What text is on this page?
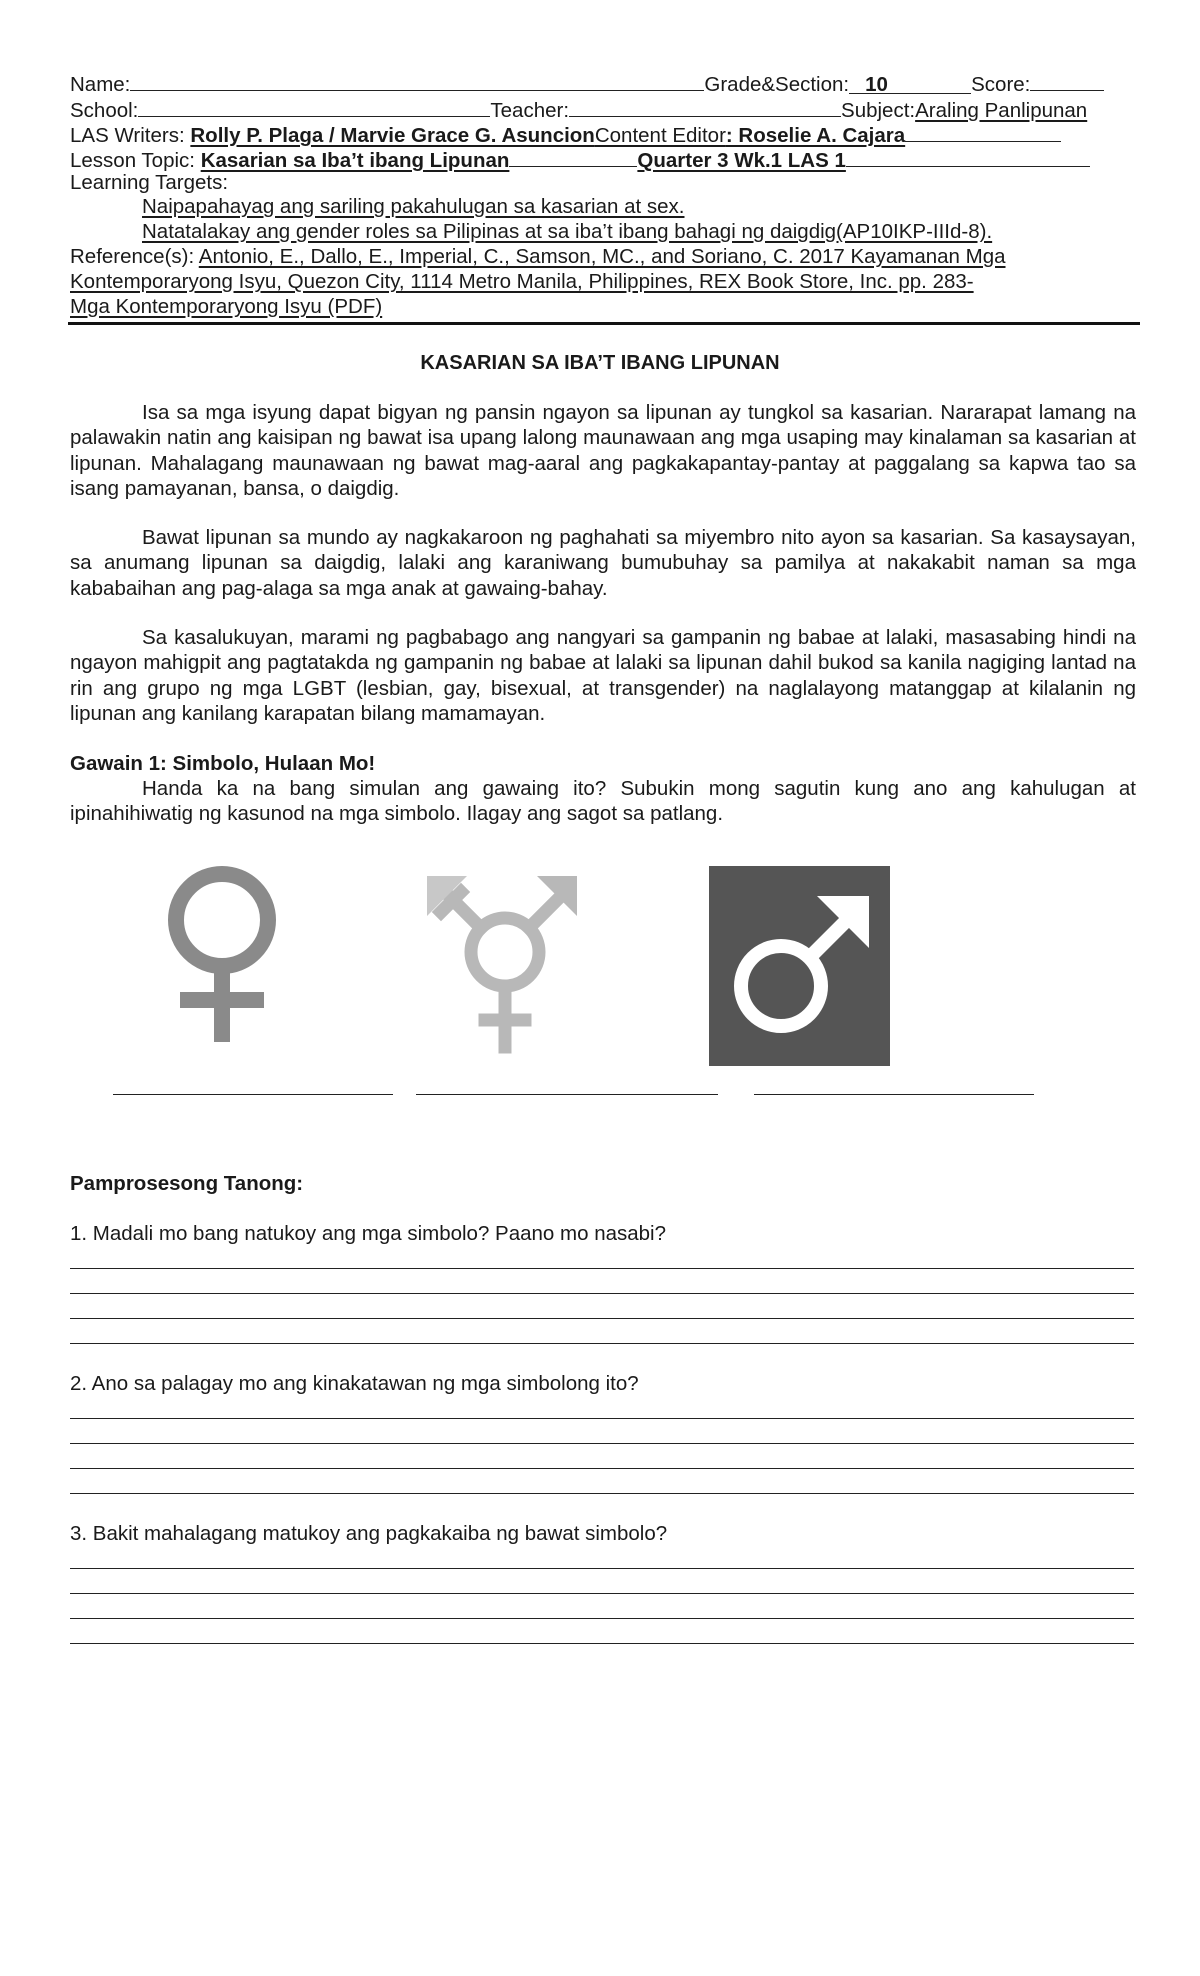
Name:	Grade&Section: 10	Score:
School:	Teacher:	Subject:Araling Panlipunan
LAS Writers: Rolly P. Plaga / Marvie Grace G. AsuncionContent Editor: Roselie A. Cajara
Lesson Topic: Kasarian sa Iba’t ibang Lipunan	Quarter 3 Wk.1 LAS 1
Learning Targets:
Naipapahayag ang sariling pakahulugan sa kasarian at sex.
Natatalakay ang gender roles sa Pilipinas at sa iba’t ibang bahagi ng daigdig(AP10IKP-IIId-8).
Reference(s): Antonio, E., Dallo, E., Imperial, C., Samson, MC., and Soriano, C. 2017 Kayamanan Mga
Kontemporaryong Isyu, Quezon City, 1114 Metro Manila, Philippines, REX Book Store, Inc. pp. 283-
Mga Kontemporaryong Isyu (PDF)
KASARIAN SA IBA’T IBANG LIPUNAN

Isa sa mga isyung dapat bigyan ng pansin ngayon sa lipunan ay tungkol sa kasarian. Nararapat lamang na palawakin natin ang kaisipan ng bawat isa upang lalong maunawaan ang mga usaping may kinalaman sa kasarian at lipunan. Mahalagang maunawaan ng bawat mag-aaral ang pagkakapantay-pantay at paggalang sa kapwa tao sa isang pamayanan, bansa, o daigdig.

Bawat lipunan sa mundo ay nagkakaroon ng paghahati sa miyembro nito ayon sa kasarian. Sa kasaysayan, sa anumang lipunan sa daigdig, lalaki ang karaniwang bumubuhay sa pamilya at nakakabit naman sa mga kababaihan ang pag-alaga sa mga anak at gawaing-bahay.

Sa kasalukuyan, marami ng pagbabago ang nangyari sa gampanin ng babae at lalaki, masasabing hindi na ngayon mahigpit ang pagtatakda ng gampanin ng babae at lalaki sa lipunan dahil bukod sa kanila nagiging lantad na rin ang grupo ng mga LGBT (lesbian, gay, bisexual, at transgender) na naglalayong matanggap at kilalanin ng lipunan ang kanilang karapatan bilang mamamayan.

Gawain 1: Simbolo, Hulaan Mo!

Handa ka na bang simulan ang gawaing ito? Subukin mong sagutin kung ano ang kahulugan at ipinahihiwatig ng kasunod na mga simbolo. Ilagay ang sagot sa patlang.

Pamprosesong Tanong:
1. Madali mo bang natukoy ang mga simbolo? Paano mo nasabi?
2. Ano sa palagay mo ang kinakatawan ng mga simbolong ito?
3. Bakit mahalagang matukoy ang pagkakaiba ng bawat simbolo?
